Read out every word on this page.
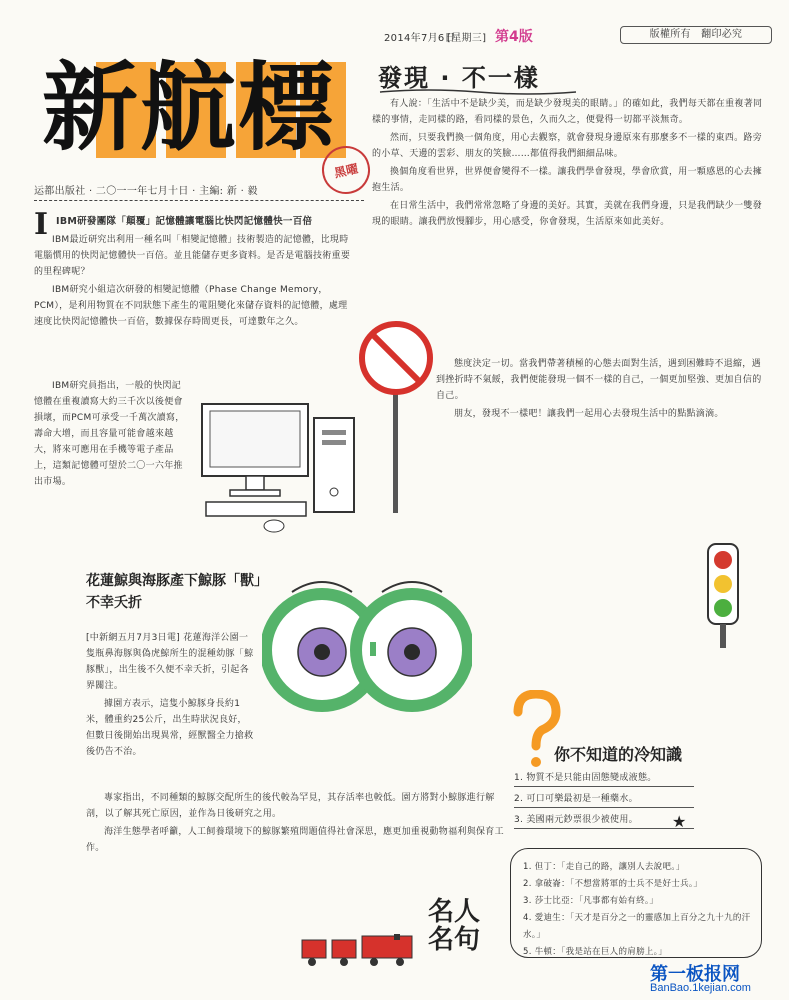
新航標
黑曜
运都出版社 · 二〇一一年七月十日 · 主編: 新 · 毅
2014年7月6日
[星期三] 第4版	版權所有　翻印必究
發現 · 不一樣

有人說：「生活中不是缺少美，而是缺少發現美的眼睛。」的確如此，我們每天都在重複著同樣的事情，走同樣的路，看同樣的景色，久而久之，便覺得一切都平淡無奇。

然而，只要我們換一個角度，用心去觀察，就會發現身邊原來有那麼多不一樣的東西。路旁的小草、天邊的雲彩、朋友的笑臉……都值得我們細細品味。

換個角度看世界，世界便會變得不一樣。讓我們學會發現，學會欣賞，用一顆感恩的心去擁抱生活。

在日常生活中，我們常常忽略了身邊的美好。其實，美就在我們身邊，只是我們缺少一雙發現的眼睛。讓我們放慢腳步，用心感受，你會發現，生活原來如此美好。

態度決定一切。當我們帶著積極的心態去面對生活，遇到困難時不退縮，遇到挫折時不氣餒，我們便能發現一個不一樣的自己，一個更加堅強、更加自信的自己。

朋友，發現不一樣吧！讓我們一起用心去發現生活中的點點滴滴。

I IBM研發團隊「顛覆」記憶體讓電腦比快閃記憶體快一百倍

IBM最近研究出利用一種名叫「相變記憶體」技術製造的記憶體，比現時電腦慣用的快閃記憶體快一百倍。並且能儲存更多資料。是否是電腦技術重要的里程碑呢？

IBM研究小組這次研發的相變記憶體（Phase Change Memory，PCM），是利用物質在不同狀態下產生的電阻變化來儲存資料的記憶體，處理速度比快閃記憶體快一百倍，數據保存時間更長，可達數年之久。

IBM研究員指出，一般的快閃記憶體在重複讀寫大約三千次以後便會損壞，而PCM可承受一千萬次讀寫，壽命大增，而且容量可能會越來越大，將來可應用在手機等電子產品上，這類記憶體可望於二〇一六年推出市場。

花蓮鯨與海豚產下鯨豚「獸」不幸夭折

[中新網五月7月3日電] 花蓮海洋公園一隻瓶鼻海豚與偽虎鯨所生的混種幼豚「鯨豚獸」，出生後不久便不幸夭折，引起各界關注。

據園方表示，這隻小鯨豚身長約1米，體重約25公斤，出生時狀況良好，但數日後開始出現異常，經獸醫全力搶救後仍告不治。

專家指出，不同種類的鯨豚交配所生的後代較為罕見，其存活率也較低。園方將對小鯨豚進行解剖，以了解其死亡原因，並作為日後研究之用。

海洋生態學者呼籲，人工飼養環境下的鯨豚繁殖問題值得社會深思，應更加重視動物福利與保育工作。

你不知道的冷知識
1. 物質不是只能由固態變成液態。
2. 可口可樂最初是一種藥水。
3. 美國兩元鈔票很少被使用。	★
1. 但丁：「走自己的路，讓別人去說吧。」
2. 拿破崙：「不想當將軍的士兵不是好士兵。」
3. 莎士比亞：「凡事都有始有終。」
4. 愛迪生：「天才是百分之一的靈感加上百分之九十九的汗水。」
5. 牛頓：「我是站在巨人的肩膀上。」
名人名句
第一板报网
BanBao.1kejian.com
